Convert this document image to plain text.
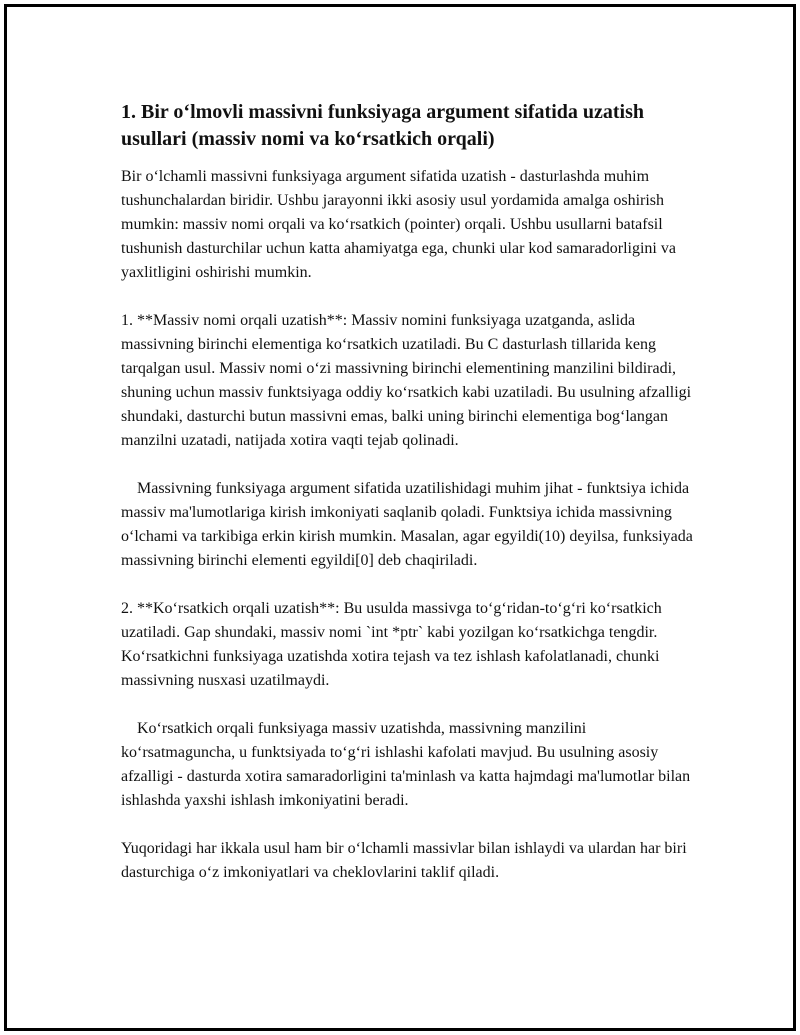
1. Bir o‘lmovli massivni funksiyaga argument sifatida uzatish usullari (massiv nomi va ko‘rsatkich orqali)

Bir o‘lchamli massivni funksiyaga argument sifatida uzatish - dasturlashda muhim tushunchalardan biridir. Ushbu jarayonni ikki asosiy usul yordamida amalga oshirish mumkin: massiv nomi orqali va ko‘rsatkich (pointer) orqali. Ushbu usullarni batafsil tushunish dasturchilar uchun katta ahamiyatga ega, chunki ular kod samaradorligini va yaxlitligini oshirishi mumkin.

1. **Massiv nomi orqali uzatish**: Massiv nomini funksiyaga uzatganda, aslida massivning birinchi elementiga ko‘rsatkich uzatiladi. Bu C dasturlash tillarida keng tarqalgan usul. Massiv nomi o‘zi massivning birinchi elementining manzilini bildiradi, shuning uchun massiv funktsiyaga oddiy ko‘rsatkich kabi uzatiladi. Bu usulning afzalligi shundaki, dasturchi butun massivni emas, balki uning birinchi elementiga bog‘langan manzilni uzatadi, natijada xotira vaqti tejab qolinadi.

Massivning funksiyaga argument sifatida uzatilishidagi muhim jihat - funktsiya ichida massiv ma'lumotlariga kirish imkoniyati saqlanib qoladi. Funktsiya ichida massivning o‘lchami va tarkibiga erkin kirish mumkin. Masalan, agar egyildi(10) deyilsa, funksiyada massivning birinchi elementi egyildi[0] deb chaqiriladi.

2. **Ko‘rsatkich orqali uzatish**: Bu usulda massivga to‘g‘ridan-to‘g‘ri ko‘rsatkich uzatiladi. Gap shundaki, massiv nomi `int *ptr` kabi yozilgan ko‘rsatkichga tengdir. Ko‘rsatkichni funksiyaga uzatishda xotira tejash va tez ishlash kafolatlanadi, chunki massivning nusxasi uzatilmaydi.

Ko‘rsatkich orqali funksiyaga massiv uzatishda, massivning manzilini ko‘rsatmaguncha, u funktsiyada to‘g‘ri ishlashi kafolati mavjud. Bu usulning asosiy afzalligi - dasturda xotira samaradorligini ta'minlash va katta hajmdagi ma'lumotlar bilan ishlashda yaxshi ishlash imkoniyatini beradi.

Yuqoridagi har ikkala usul ham bir o‘lchamli massivlar bilan ishlaydi va ulardan har biri dasturchiga o‘z imkoniyatlari va cheklovlarini taklif qiladi.
